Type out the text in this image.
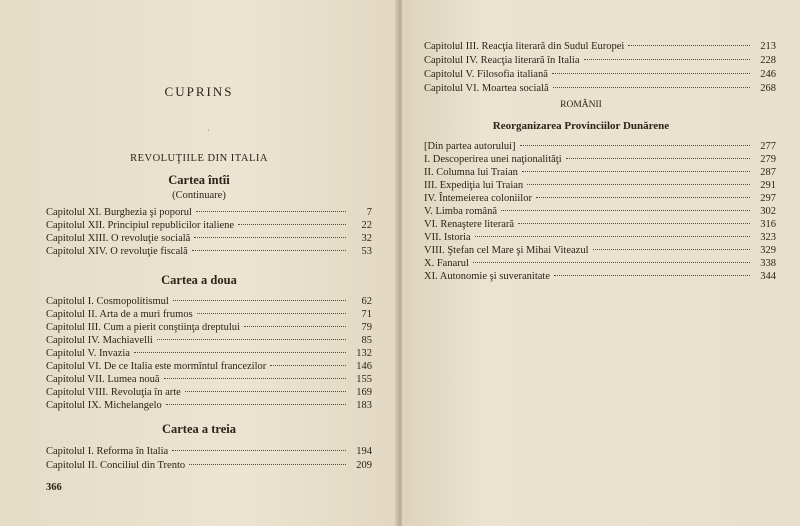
CUPRINS
REVOLUŢIILE DIN ITALIA
Cartea întîi
(Continuare)
Capitolul XI. Burghezia şi poporul	7
Capitolul XII. Principiul republicilor italiene	22
Capitolul XIII. O revoluţie socială	32
Capitolul XIV. O revoluţie fiscală	53
Cartea a doua
Capitolul I. Cosmopolitismul	62
Capitolul II. Arta de a muri frumos	71
Capitolul III. Cum a pierit conştiinţa dreptului	79
Capitolul IV. Machiavelli	85
Capitolul V. Invazia	132
Capitolul VI. De ce Italia este mormîntul francezilor	146
Capitolul VII. Lumea nouă	155
Capitolul VIII. Revoluţia în arte	169
Capitolul IX. Michelangelo	183
Cartea a treia
Capitolul I. Reforma în Italia	194
Capitolul II. Conciliul din Trento	209
366
·
Capitolul III. Reacţia literară din Sudul Europei	213
Capitolul IV. Reacţia literară în Italia	228
Capitolul V. Filosofia italiană	246
Capitolul VI. Moartea socială	268
ROMÂNII
Reorganizarea Provinciilor Dunărene
[Din partea autorului]	277
I. Descoperirea unei naţionalităţi	279
II. Columna lui Traian	287
III. Expediţia lui Traian	291
IV. Întemeierea coloniilor	297
V. Limba română	302
VI. Renaştere literară	316
VII. Istoria	323
VIII. Ştefan cel Mare şi Mihai Viteazul	329
X. Fanarul	338
XI. Autonomie şi suveranitate	344
